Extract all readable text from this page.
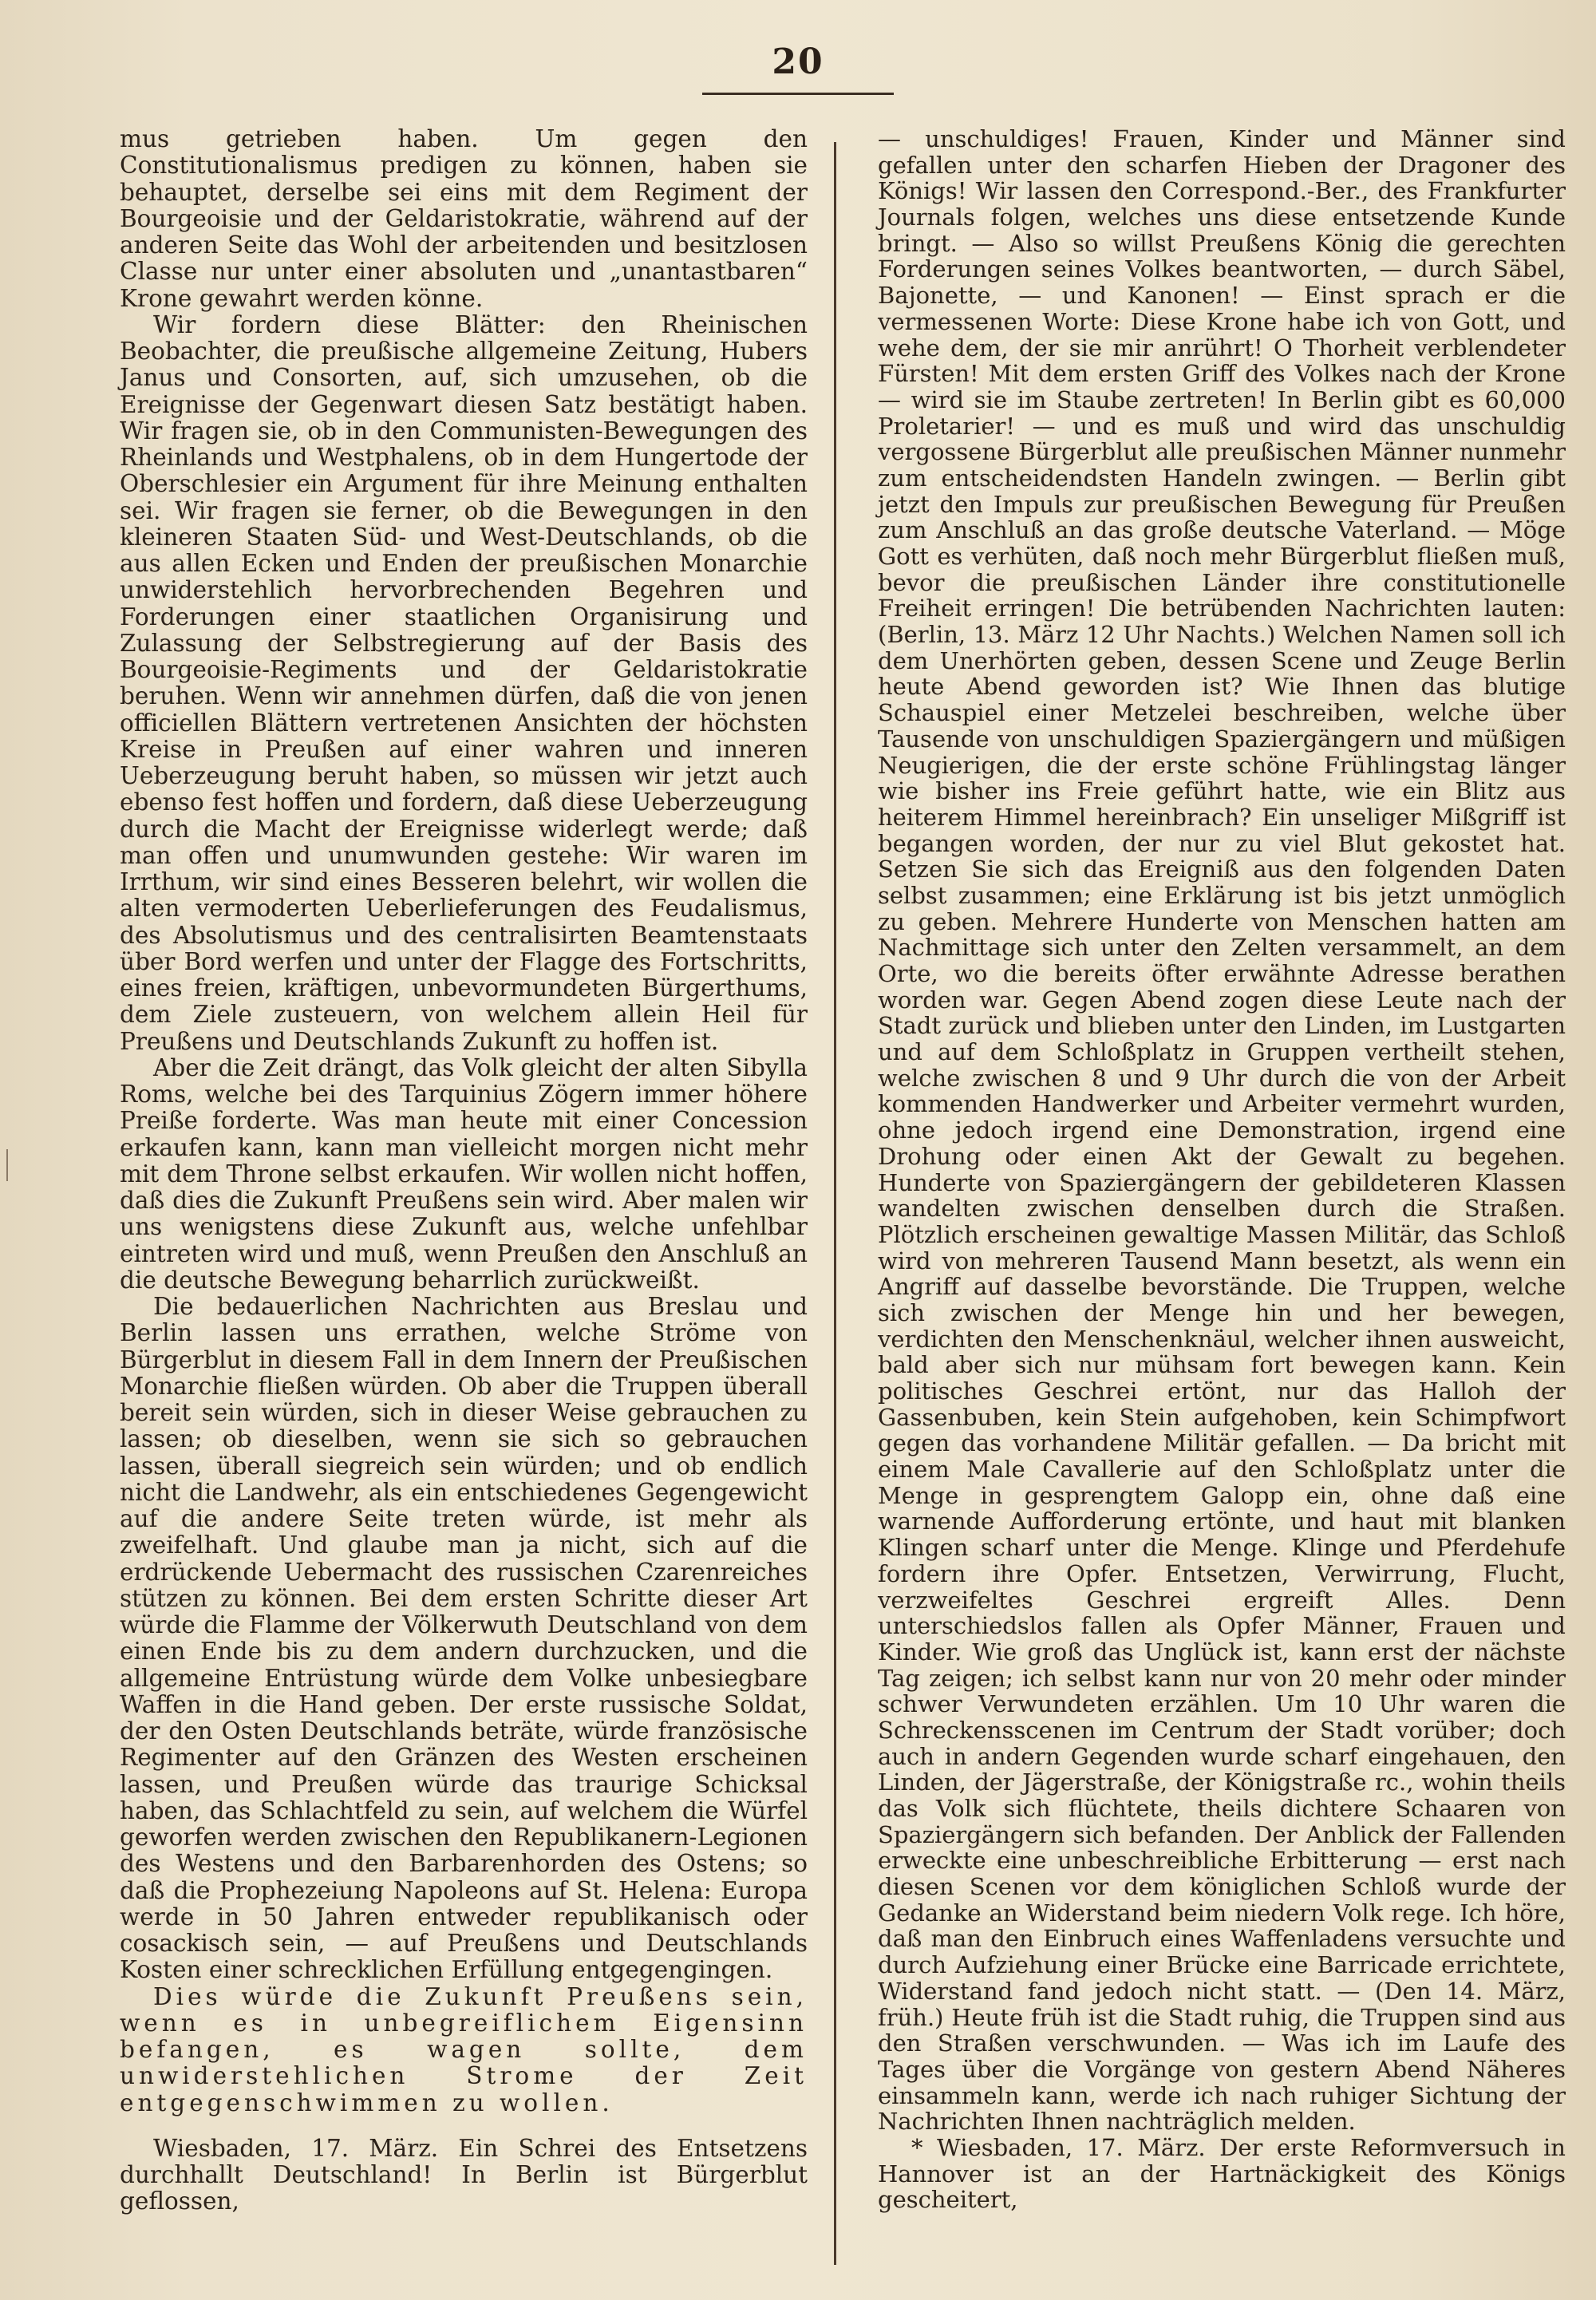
20

mus getrieben haben. Um gegen den Constitutionalismus predigen zu können, haben sie behauptet, derselbe sei eins mit dem Regiment der Bourgeoisie und der Geldaristokratie, während auf der anderen Seite das Wohl der arbeitenden und besitzlosen Classe nur unter einer absoluten und „unantastbaren“ Krone gewahrt werden könne.

Wir fordern diese Blätter: den Rheinischen Beobachter, die preußische allgemeine Zeitung, Hubers Janus und Consorten, auf, sich umzusehen, ob die Ereignisse der Gegenwart diesen Satz bestätigt haben. Wir fragen sie, ob in den Communisten-Bewegungen des Rheinlands und Westphalens, ob in dem Hungertode der Oberschlesier ein Argument für ihre Meinung enthalten sei. Wir fragen sie ferner, ob die Bewegungen in den kleineren Staaten Süd- und West-Deutschlands, ob die aus allen Ecken und Enden der preußischen Monarchie unwiderstehlich hervorbrechenden Begehren und Forderungen einer staatlichen Organisirung und Zulassung der Selbstregierung auf der Basis des Bourgeoisie-Regiments und der Geldaristokratie beruhen. Wenn wir annehmen dürfen, daß die von jenen officiellen Blättern vertretenen Ansichten der höchsten Kreise in Preußen auf einer wahren und inneren Ueberzeugung beruht haben, so müssen wir jetzt auch ebenso fest hoffen und fordern, daß diese Ueberzeugung durch die Macht der Ereignisse widerlegt werde; daß man offen und unumwunden gestehe: Wir waren im Irrthum, wir sind eines Besseren belehrt, wir wollen die alten vermoderten Ueberlieferungen des Feudalismus, des Absolutismus und des centralisirten Beamtenstaats über Bord werfen und unter der Flagge des Fortschritts, eines freien, kräftigen, unbevormundeten Bürgerthums, dem Ziele zusteuern, von welchem allein Heil für Preußens und Deutschlands Zukunft zu hoffen ist.

Aber die Zeit drängt, das Volk gleicht der alten Sibylla Roms, welche bei des Tarquinius Zögern immer höhere Preiße forderte. Was man heute mit einer Concession erkaufen kann, kann man vielleicht morgen nicht mehr mit dem Throne selbst erkaufen. Wir wollen nicht hoffen, daß dies die Zukunft Preußens sein wird. Aber malen wir uns wenigstens diese Zukunft aus, welche unfehlbar eintreten wird und muß, wenn Preußen den Anschluß an die deutsche Bewegung beharrlich zurückweißt.

Die bedauerlichen Nachrichten aus Breslau und Berlin lassen uns errathen, welche Ströme von Bürgerblut in diesem Fall in dem Innern der Preußischen Monarchie fließen würden. Ob aber die Truppen überall bereit sein würden, sich in dieser Weise gebrauchen zu lassen; ob dieselben, wenn sie sich so gebrauchen lassen, überall siegreich sein würden; und ob endlich nicht die Landwehr, als ein entschiedenes Gegengewicht auf die andere Seite treten würde, ist mehr als zweifelhaft. Und glaube man ja nicht, sich auf die erdrückende Uebermacht des russischen Czarenreiches stützen zu können. Bei dem ersten Schritte dieser Art würde die Flamme der Völkerwuth Deutschland von dem einen Ende bis zu dem andern durchzucken, und die allgemeine Entrüstung würde dem Volke unbesiegbare Waffen in die Hand geben. Der erste russische Soldat, der den Osten Deutschlands beträte, würde französische Regimenter auf den Gränzen des Westen erscheinen lassen, und Preußen würde das traurige Schicksal haben, das Schlachtfeld zu sein, auf welchem die Würfel geworfen werden zwischen den Republikanern-Legionen des Westens und den Barbarenhorden des Ostens; so daß die Prophezeiung Napoleons auf St. Helena: Europa werde in 50 Jahren entweder republikanisch oder cosackisch sein, — auf Preußens und Deutschlands Kosten einer schrecklichen Erfüllung entgegengingen.

Dies würde die Zukunft Preußens sein, wenn es in unbegreiflichem Eigensinn befangen, es wagen sollte, dem unwiderstehlichen Strome der Zeit entgegenschwimmen zu wollen.

Wiesbaden, 17. März. Ein Schrei des Entsetzens durchhallt Deutschland! In Berlin ist Bürgerblut geflossen,

— unschuldiges! Frauen, Kinder und Männer sind gefallen unter den scharfen Hieben der Dragoner des Königs! Wir lassen den Correspond.-Ber., des Frankfurter Journals folgen, welches uns diese entsetzende Kunde bringt. — Also so willst Preußens König die gerechten Forderungen seines Volkes beantworten, — durch Säbel, Bajonette, — und Kanonen! — Einst sprach er die vermessenen Worte: Diese Krone habe ich von Gott, und wehe dem, der sie mir anrührt! O Thorheit verblendeter Fürsten! Mit dem ersten Griff des Volkes nach der Krone — wird sie im Staube zertreten! In Berlin gibt es 60,000 Proletarier! — und es muß und wird das unschuldig vergossene Bürgerblut alle preußischen Männer nunmehr zum entscheidendsten Handeln zwingen. — Berlin gibt jetzt den Impuls zur preußischen Bewegung für Preußen zum Anschluß an das große deutsche Vaterland. — Möge Gott es verhüten, daß noch mehr Bürgerblut fließen muß, bevor die preußischen Länder ihre constitutionelle Freiheit erringen! Die betrübenden Nachrichten lauten: (Berlin, 13. März 12 Uhr Nachts.) Welchen Namen soll ich dem Unerhörten geben, dessen Scene und Zeuge Berlin heute Abend geworden ist? Wie Ihnen das blutige Schauspiel einer Metzelei beschreiben, welche über Tausende von unschuldigen Spaziergängern und müßigen Neugierigen, die der erste schöne Frühlingstag länger wie bisher ins Freie geführt hatte, wie ein Blitz aus heiterem Himmel hereinbrach? Ein unseliger Mißgriff ist begangen worden, der nur zu viel Blut gekostet hat. Setzen Sie sich das Ereigniß aus den folgenden Daten selbst zusammen; eine Erklärung ist bis jetzt unmöglich zu geben. Mehrere Hunderte von Menschen hatten am Nachmittage sich unter den Zelten versammelt, an dem Orte, wo die bereits öfter erwähnte Adresse berathen worden war. Gegen Abend zogen diese Leute nach der Stadt zurück und blieben unter den Linden, im Lustgarten und auf dem Schloßplatz in Gruppen vertheilt stehen, welche zwischen 8 und 9 Uhr durch die von der Arbeit kommenden Handwerker und Arbeiter vermehrt wurden, ohne jedoch irgend eine Demonstration, irgend eine Drohung oder einen Akt der Gewalt zu begehen. Hunderte von Spaziergängern der gebildeteren Klassen wandelten zwischen denselben durch die Straßen. Plötzlich erscheinen gewaltige Massen Militär, das Schloß wird von mehreren Tausend Mann besetzt, als wenn ein Angriff auf dasselbe bevorstände. Die Truppen, welche sich zwischen der Menge hin und her bewegen, verdichten den Menschenknäul, welcher ihnen ausweicht, bald aber sich nur mühsam fort bewegen kann. Kein politisches Geschrei ertönt, nur das Halloh der Gassenbuben, kein Stein aufgehoben, kein Schimpfwort gegen das vorhandene Militär gefallen. — Da bricht mit einem Male Cavallerie auf den Schloßplatz unter die Menge in gesprengtem Galopp ein, ohne daß eine warnende Aufforderung ertönte, und haut mit blanken Klingen scharf unter die Menge. Klinge und Pferdehufe fordern ihre Opfer. Entsetzen, Verwirrung, Flucht, verzweifeltes Geschrei ergreift Alles. Denn unterschiedslos fallen als Opfer Männer, Frauen und Kinder. Wie groß das Unglück ist, kann erst der nächste Tag zeigen; ich selbst kann nur von 20 mehr oder minder schwer Verwundeten erzählen. Um 10 Uhr waren die Schreckensscenen im Centrum der Stadt vorüber; doch auch in andern Gegenden wurde scharf eingehauen, den Linden, der Jägerstraße, der Königstraße rc., wohin theils das Volk sich flüchtete, theils dichtere Schaaren von Spaziergängern sich befanden. Der Anblick der Fallenden erweckte eine unbeschreibliche Erbitterung — erst nach diesen Scenen vor dem königlichen Schloß wurde der Gedanke an Widerstand beim niedern Volk rege. Ich höre, daß man den Einbruch eines Waffenladens versuchte und durch Aufziehung einer Brücke eine Barricade errichtete, Widerstand fand jedoch nicht statt. — (Den 14. März, früh.) Heute früh ist die Stadt ruhig, die Truppen sind aus den Straßen verschwunden. — Was ich im Laufe des Tages über die Vorgänge von gestern Abend Näheres einsammeln kann, werde ich nach ruhiger Sichtung der Nachrichten Ihnen nachträglich melden.

* Wiesbaden, 17. März. Der erste Reformversuch in Hannover ist an der Hartnäckigkeit des Königs gescheitert,
